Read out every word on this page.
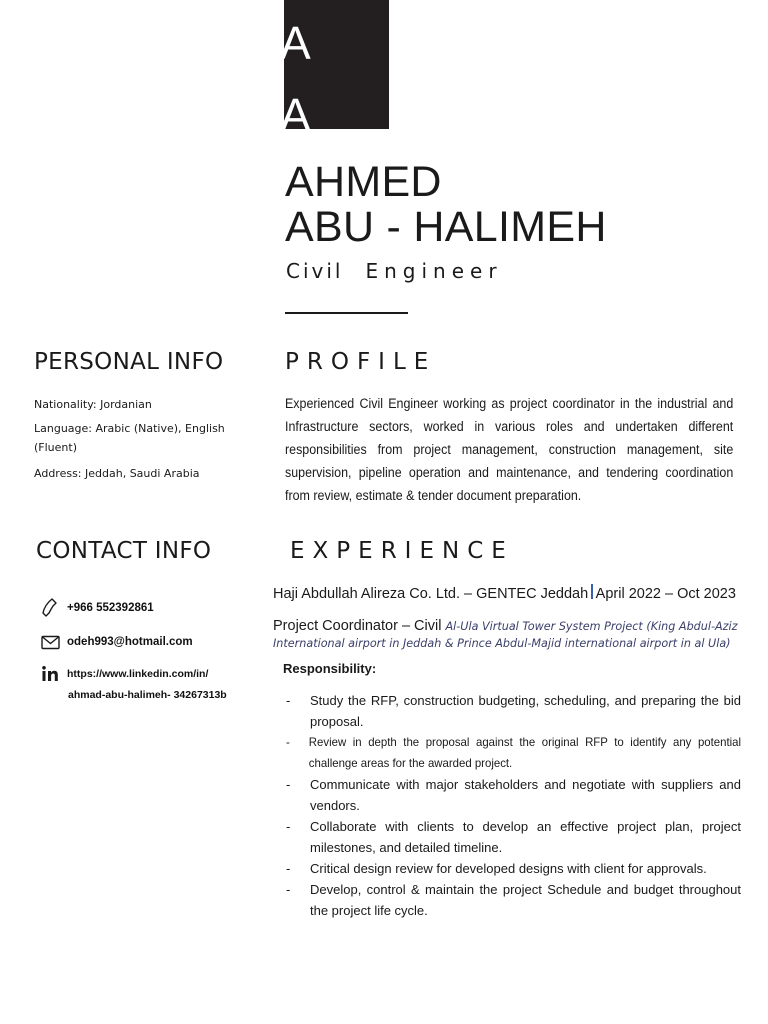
A
A
AHMED
ABU - HALIMEH
Civil Engineer
PERSONAL INFO
Nationality: Jordanian
Language: Arabic (Native), English (Fluent)
Address: Jeddah, Saudi Arabia
PROFILE
Experienced Civil Engineer working as project coordinator in the industrial and Infrastructure sectors, worked in various roles and undertaken different responsibilities from project management, construction management, site supervision, pipeline operation and maintenance, and tendering coordination from review, estimate & tender document preparation.
CONTACT INFO
+966 552392861
odeh993@hotmail.com
https://www.linkedin.com/in/
ahmad-abu-halimeh- 34267313b
EXPERIENCE
Haji Abdullah Alireza Co. Ltd. – GENTEC Jeddah April 2022 – Oct 2023
Project Coordinator – Civil Al-Ula Virtual Tower System Project (King Abdul-Aziz International airport in Jeddah & Prince Abdul-Majid international airport in al Ula)
Responsibility:
- Study the RFP, construction budgeting, scheduling, and preparing the bid proposal.
- Review in depth the proposal against the original RFP to identify any potential challenge areas for the awarded project.
- Communicate with major stakeholders and negotiate with suppliers and vendors.
- Collaborate with clients to develop an effective project plan, project milestones, and detailed timeline.
- Critical design review for developed designs with client for approvals.
- Develop, control & maintain the project Schedule and budget throughout the project life cycle.
